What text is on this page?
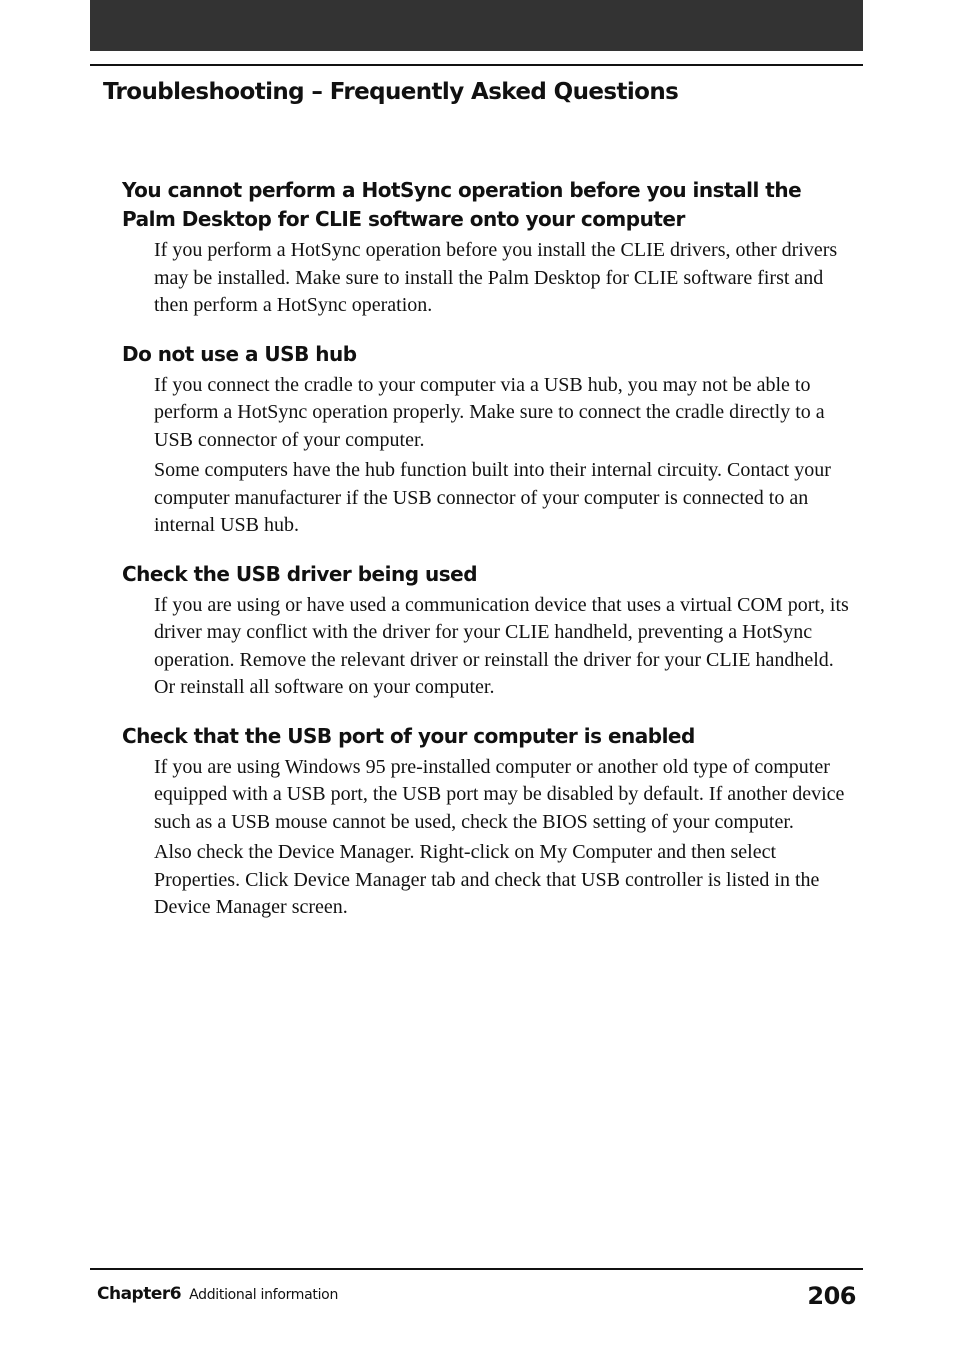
Troubleshooting – Frequently Asked Questions
You cannot perform a HotSync operation before you install the Palm Desktop for CLIE software onto your computer

If you perform a HotSync operation before you install the CLIE drivers, other drivers may be installed. Make sure to install the Palm Desktop for CLIE software first and then perform a HotSync operation.

Do not use a USB hub

If you connect the cradle to your computer via a USB hub, you may not be able to perform a HotSync operation properly. Make sure to connect the cradle directly to a USB connector of your computer.

Some computers have the hub function built into their internal circuity. Contact your computer manufacturer if the USB connector of your computer is connected to an internal USB hub.

Check the USB driver being used

If you are using or have used a communication device that uses a virtual COM port, its driver may conflict with the driver for your CLIE handheld, preventing a HotSync operation. Remove the relevant driver or reinstall the driver for your CLIE handheld. Or reinstall all software on your computer.

Check that the USB port of your computer is enabled

If you are using Windows 95 pre-installed computer or another old type of computer equipped with a USB port, the USB port may be disabled by default. If another device such as a USB mouse cannot be used, check the BIOS setting of your computer.

Also check the Device Manager. Right-click on My Computer and then select Properties. Click Device Manager tab and check that USB controller is listed in the Device Manager screen.

Chapter6 Additional information	206
